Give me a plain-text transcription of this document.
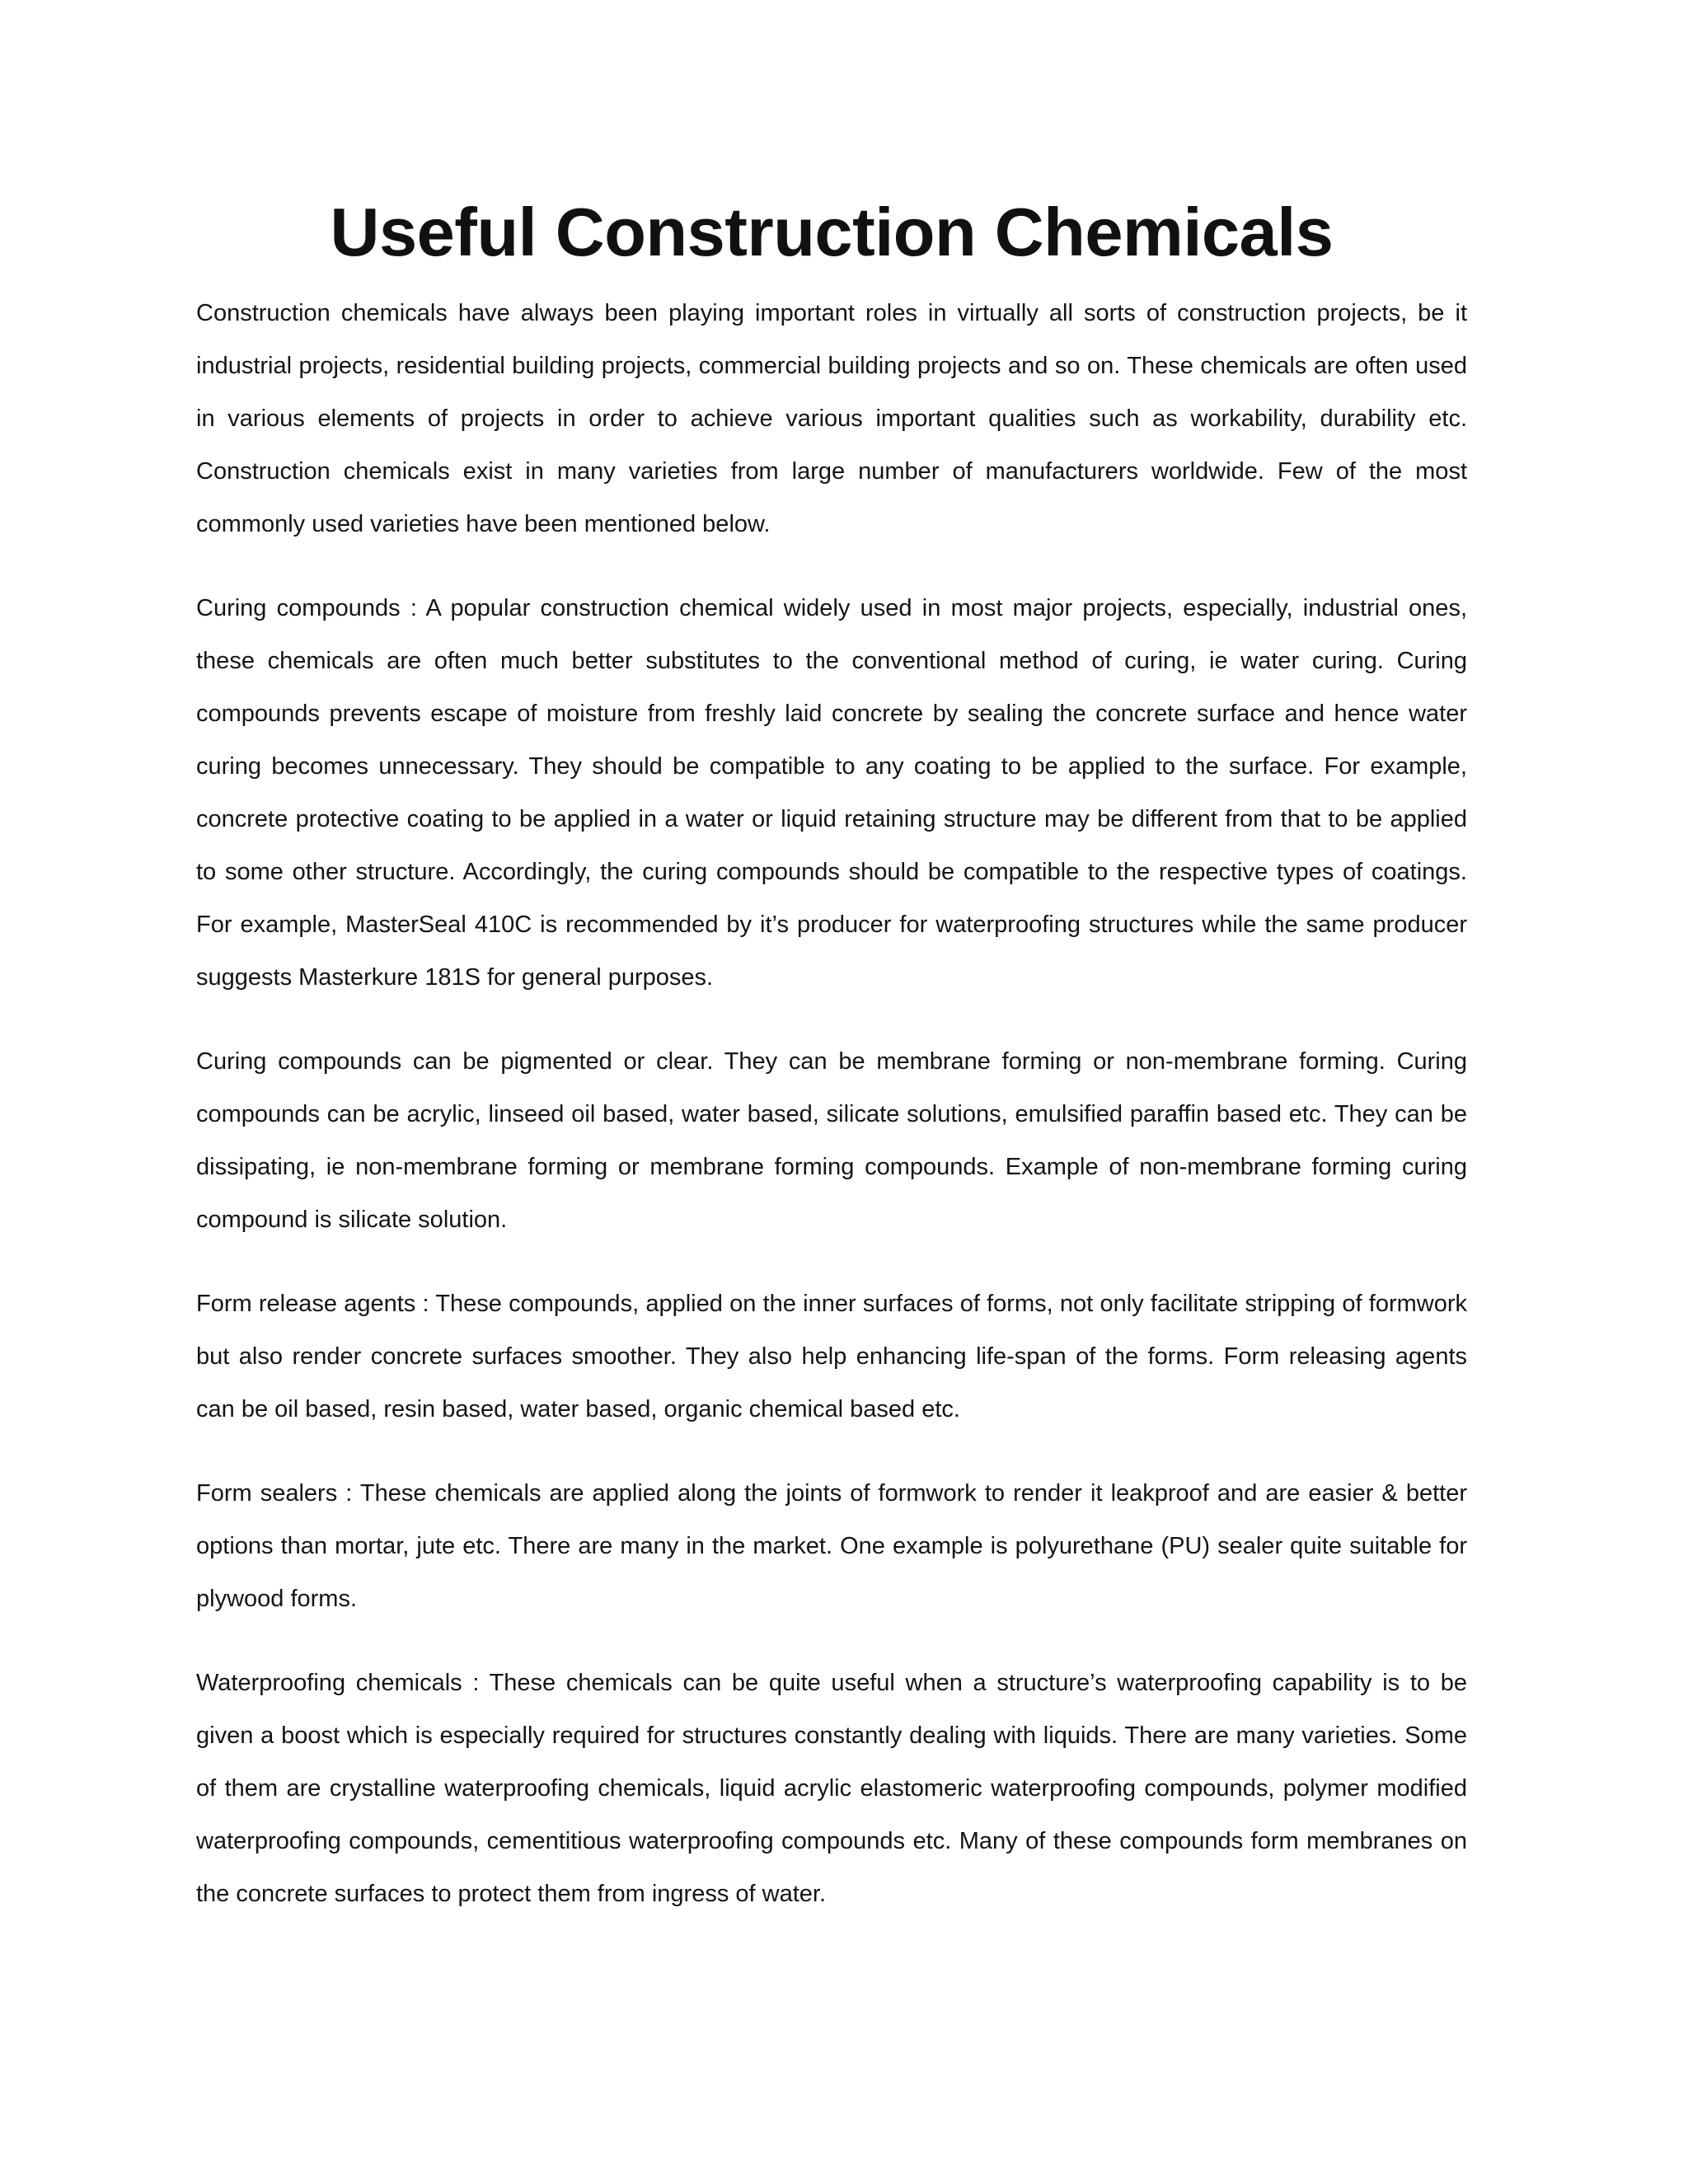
Useful Construction Chemicals

Construction chemicals have always been playing important roles in virtually all sorts of construction projects, be it industrial projects, residential building projects, commercial building projects and so on. These chemicals are often used in various elements of projects in order to achieve various important qualities such as workability, durability etc. Construction chemicals exist in many varieties from large number of manufacturers worldwide. Few of the most commonly used varieties have been mentioned below.

Curing compounds : A popular construction chemical widely used in most major projects, especially, industrial ones, these chemicals are often much better substitutes to the conventional method of curing, ie water curing. Curing compounds prevents escape of moisture from freshly laid concrete by sealing the concrete surface and hence water curing becomes unnecessary. They should be compatible to any coating to be applied to the surface. For example, concrete protective coating to be applied in a water or liquid retaining structure may be different from that to be applied to some other structure. Accordingly, the curing compounds should be compatible to the respective types of coatings. For example, MasterSeal 410C is recommended by it’s producer for waterproofing structures while the same producer suggests Masterkure 181S for general purposes.

Curing compounds can be pigmented or clear. They can be membrane forming or non-membrane forming. Curing compounds can be acrylic, linseed oil based, water based, silicate solutions, emulsified paraffin based etc. They can be dissipating, ie non-membrane forming or membrane forming compounds. Example of non-membrane forming curing compound is silicate solution.

Form release agents : These compounds, applied on the inner surfaces of forms, not only facilitate stripping of formwork but also render concrete surfaces smoother. They also help enhancing life-span of the forms. Form releasing agents can be oil based, resin based, water based, organic chemical based etc.

Form sealers : These chemicals are applied along the joints of formwork to render it leakproof and are easier & better options than mortar, jute etc. There are many in the market. One example is polyurethane (PU) sealer quite suitable for plywood forms.

Waterproofing chemicals : These chemicals can be quite useful when a structure’s waterproofing capability is to be given a boost which is especially required for structures constantly dealing with liquids. There are many varieties. Some of them are crystalline waterproofing chemicals, liquid acrylic elastomeric waterproofing compounds, polymer modified waterproofing compounds, cementitious waterproofing compounds etc. Many of these compounds form membranes on the concrete surfaces to protect them from ingress of water.
